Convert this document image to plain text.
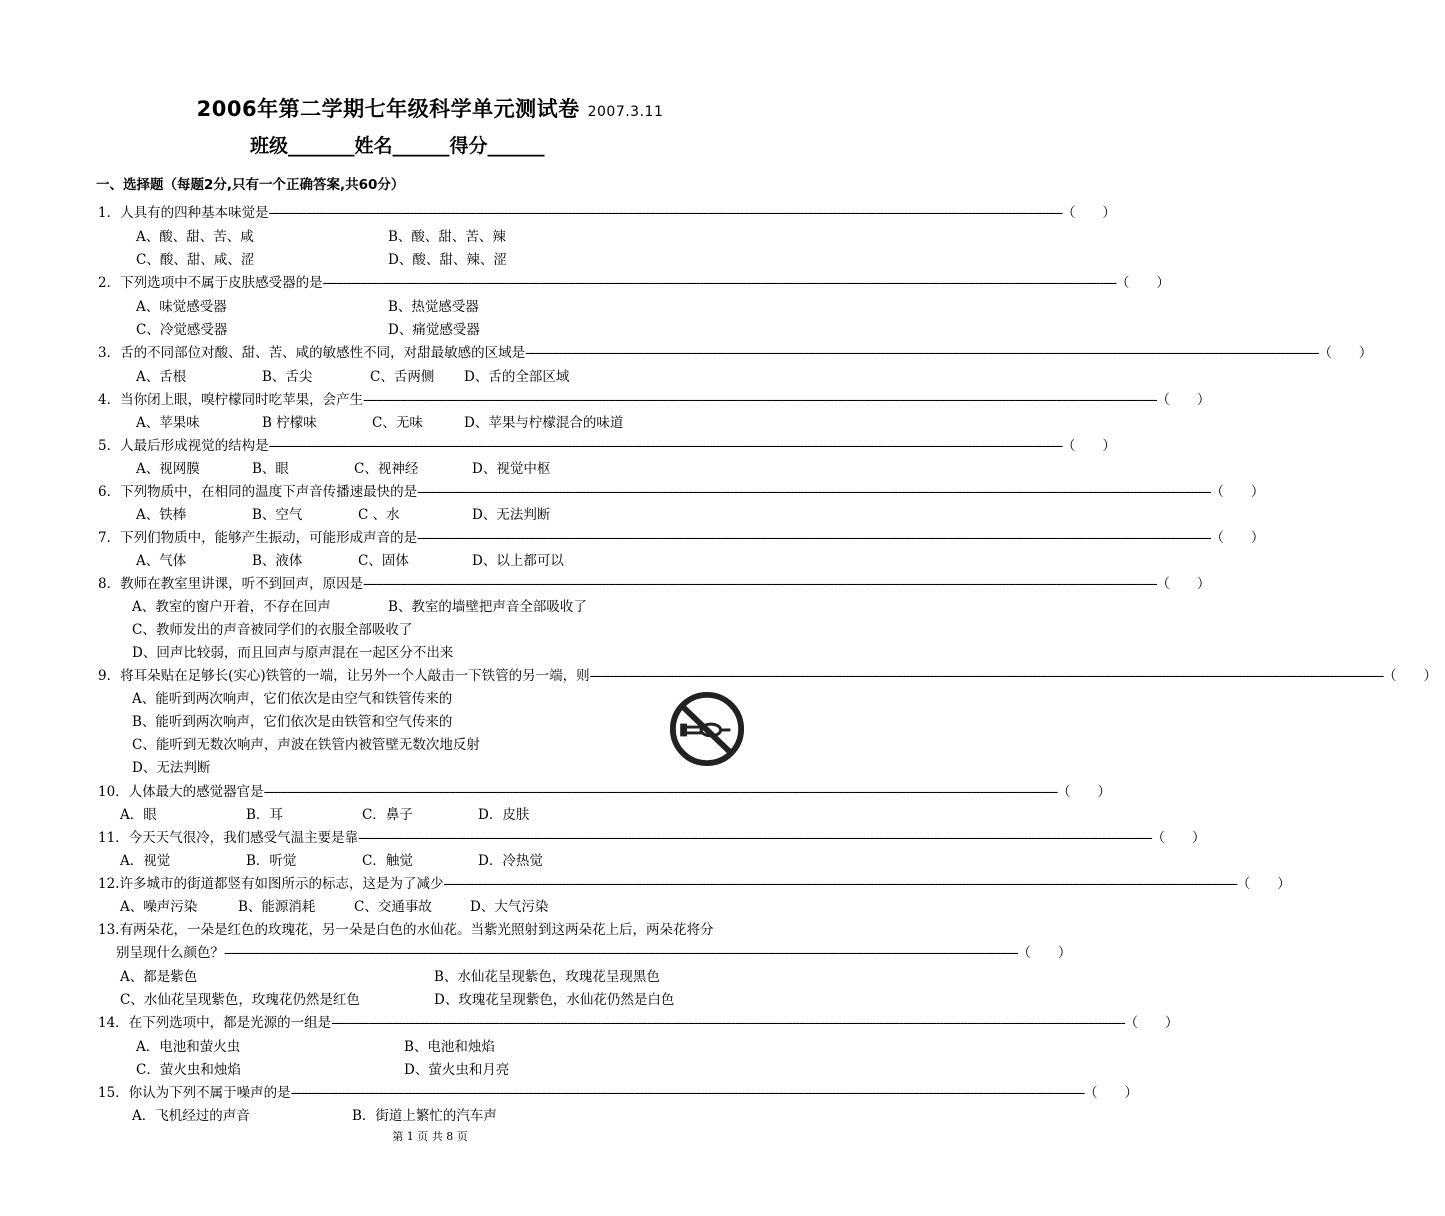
2006年第二学期七年级科学单元测试卷 2007.3.11
班级_______姓名______得分______
一、选择题（每题2分,只有一个正确答案,共60分）
1．人具有的四种基本味觉是 -------------------------------------------------------------------------------------------------------------------------------------------------------------------------------------------------------------------------------------------- （　　）
A、酸、甜、苦、咸	B、酸、甜、苦、辣
C、酸、甜、咸、涩	D、酸、甜、辣、涩
2．下列选项中不属于皮肤感受器的是 -------------------------------------------------------------------------------------------------------------------------------------------------------------------------------------------------------------------------------------------- （　　）
A、味觉感受器	B、热觉感受器
C、冷觉感受器	D、痛觉感受器
3．舌的不同部位对酸、甜、苦、咸的敏感性不同，对甜最敏感的区域是 -------------------------------------------------------------------------------------------------------------------------------------------------------------------------------------------------------------------------------------------- （　　）
A、舌根	B、舌尖	C、舌两侧 D、舌的全部区域
4．当你闭上眼，嗅柠檬同时吃苹果，会产生 -------------------------------------------------------------------------------------------------------------------------------------------------------------------------------------------------------------------------------------------- （　　）
A、苹果味	B 柠檬味	C、无味	D、苹果与柠檬混合的味道
5．人最后形成视觉的结构是 -------------------------------------------------------------------------------------------------------------------------------------------------------------------------------------------------------------------------------------------- （　　）
A、视网膜	B、眼	C、视神经	D、视觉中枢
6．下列物质中，在相同的温度下声音传播速最快的是 -------------------------------------------------------------------------------------------------------------------------------------------------------------------------------------------------------------------------------------------- （　　）
A、铁棒	B、空气	C 、水	D、无法判断
7．下列们物质中，能够产生振动，可能形成声音的是 -------------------------------------------------------------------------------------------------------------------------------------------------------------------------------------------------------------------------------------------- （　　）
A、气体	B、液体	C、固体	D、以上都可以
8．教师在教室里讲课，听不到回声，原因是 -------------------------------------------------------------------------------------------------------------------------------------------------------------------------------------------------------------------------------------------- （　　）
A、教室的窗户开着，不存在回声	B、教室的墙壁把声音全部吸收了
C、教师发出的声音被同学们的衣服全部吸收了
D、回声比较弱，而且回声与原声混在一起区分不出来
9．将耳朵贴在足够长(实心)铁管的一端，让另外一个人敲击一下铁管的另一端，则 -------------------------------------------------------------------------------------------------------------------------------------------------------------------------------------------------------------------------------------------- （　　）
A、能听到两次响声，它们依次是由空气和铁管传来的
B、能听到两次响声，它们依次是由铁管和空气传来的
C、能听到无数次响声，声波在铁管内被管壁无数次地反射
D、无法判断
10．人体最大的感觉器官是 -------------------------------------------------------------------------------------------------------------------------------------------------------------------------------------------------------------------------------------------- （　　）
A．眼	B．耳	C．鼻子	D．皮肤
11．今天天气很冷，我们感受气温主要是靠 -------------------------------------------------------------------------------------------------------------------------------------------------------------------------------------------------------------------------------------------- （　　）
A．视觉	B．听觉	C．触觉	D．冷热觉
12.许多城市的街道都竖有如图所示的标志，这是为了减少 -------------------------------------------------------------------------------------------------------------------------------------------------------------------------------------------------------------------------------------------- （　　）
A、噪声污染	B、能源消耗	C、交通事故	D、大气污染
13.有两朵花，一朵是红色的玫瑰花，另一朵是白色的水仙花。当紫光照射到这两朵花上后，两朵花将分
别呈现什么颜色？ -------------------------------------------------------------------------------------------------------------------------------------------------------------------------------------------------------------------------------------------- （　　）
A、都是紫色	B、水仙花呈现紫色，玫瑰花呈现黑色
C、水仙花呈现紫色，玫瑰花仍然是红色	D、玫瑰花呈现紫色，水仙花仍然是白色
14．在下列选项中，都是光源的一组是 -------------------------------------------------------------------------------------------------------------------------------------------------------------------------------------------------------------------------------------------- （　　）
A．电池和萤火虫	B、电池和烛焰
C．萤火虫和烛焰	D、萤火虫和月亮
15．你认为下列不属于噪声的是 -------------------------------------------------------------------------------------------------------------------------------------------------------------------------------------------------------------------------------------------- （　　）
A．飞机经过的声音	B．街道上繁忙的汽车声
第 1 页 共 8 页
